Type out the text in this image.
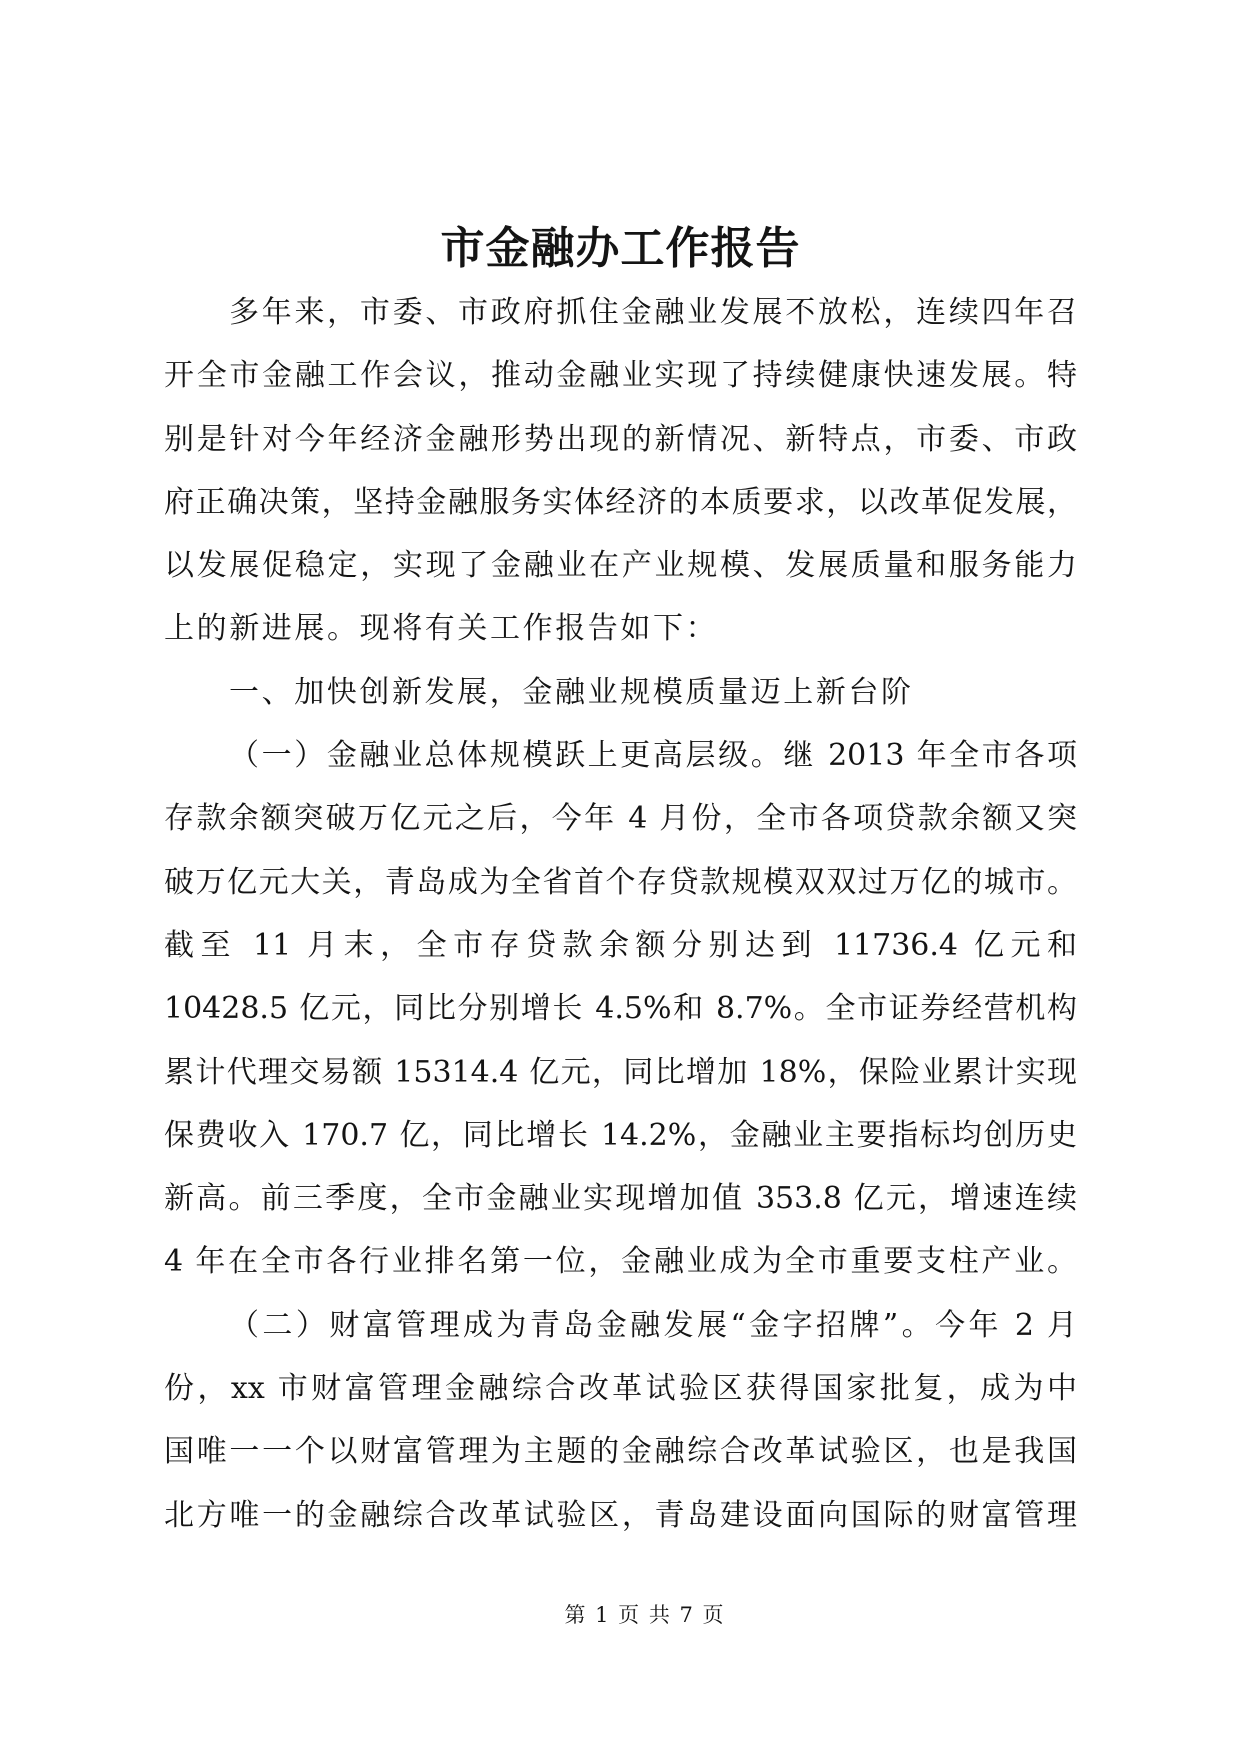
市金融办工作报告
多年来，市委、市政府抓住金融业发展不放松，连续四年召
开全市金融工作会议，推动金融业实现了持续健康快速发展。特
别是针对今年经济金融形势出现的新情况、新特点，市委、市政
府正确决策，坚持金融服务实体经济的本质要求，以改革促发展，
以发展促稳定，实现了金融业在产业规模、发展质量和服务能力
上的新进展。现将有关工作报告如下：
一、加快创新发展，金融业规模质量迈上新台阶
（一）金融业总体规模跃上更高层级。继 2013 年全市各项
存款余额突破万亿元之后，今年 4 月份，全市各项贷款余额又突
破万亿元大关，青岛成为全省首个存贷款规模双双过万亿的城市。
截至 11 月末，全市存贷款余额分别达到 11736.4 亿元和
10428.5 亿元，同比分别增长 4.5%和 8.7%。全市证券经营机构
累计代理交易额 15314.4 亿元，同比增加 18%，保险业累计实现
保费收入 170.7 亿，同比增长 14.2%，金融业主要指标均创历史
新高。前三季度，全市金融业实现增加值 353.8 亿元，增速连续
4 年在全市各行业排名第一位，金融业成为全市重要支柱产业。
（二）财富管理成为青岛金融发展“金字招牌”。今年 2 月
份，xx 市财富管理金融综合改革试验区获得国家批复，成为中
国唯一一个以财富管理为主题的金融综合改革试验区，也是我国
北方唯一的金融综合改革试验区，青岛建设面向国际的财富管理
第 1 页 共 7 页
